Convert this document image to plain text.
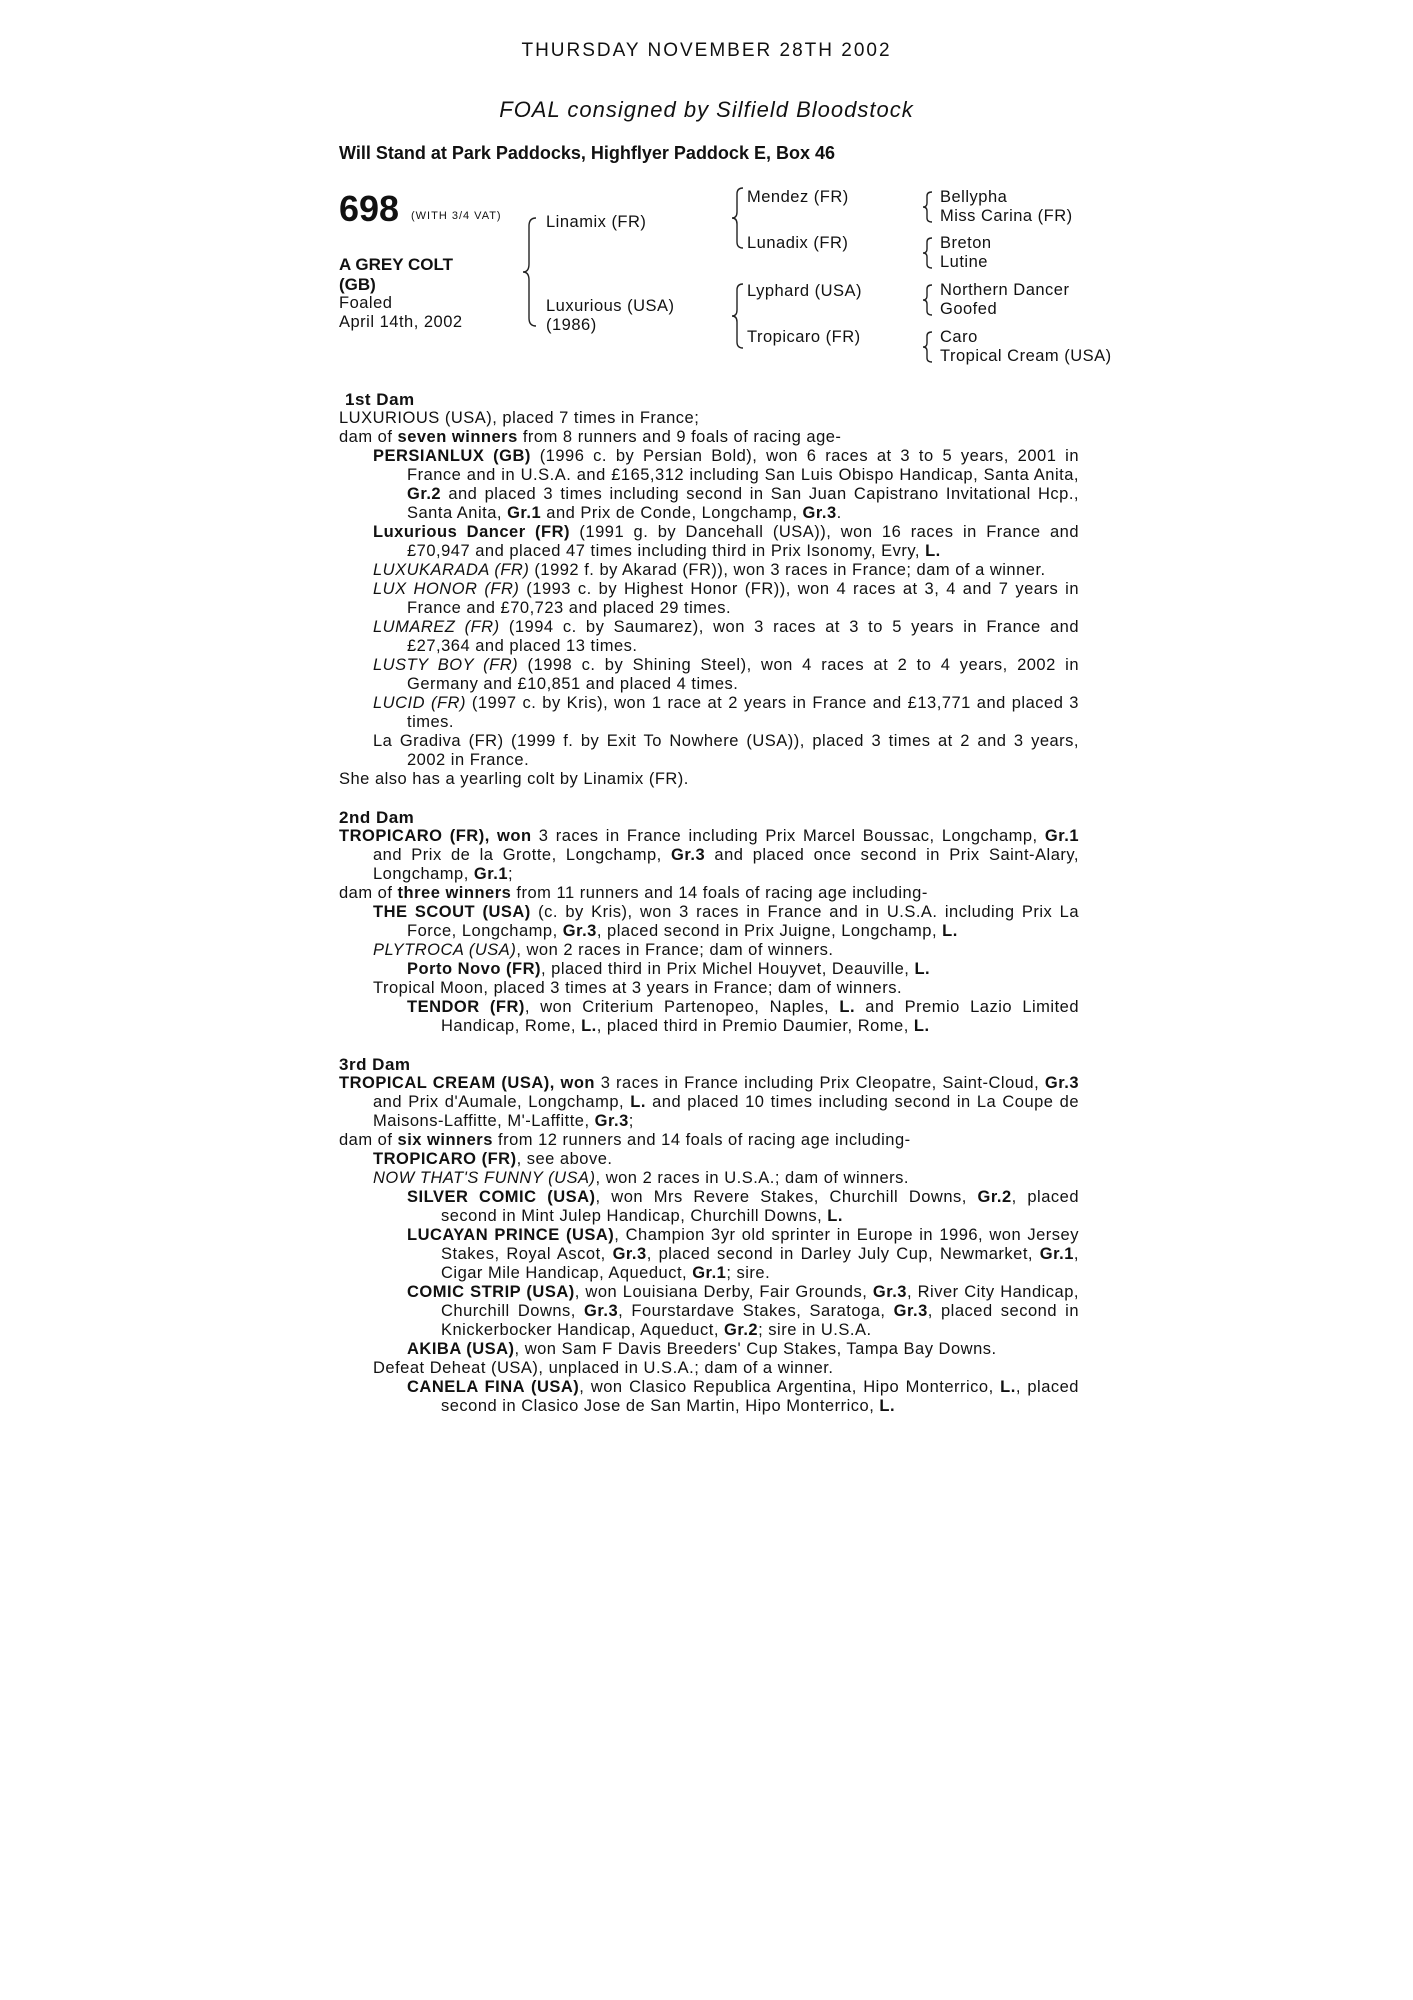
THURSDAY NOVEMBER 28TH 2002
FOAL consigned by Silfield Bloodstock
Will Stand at Park Paddocks, Highflyer Paddock E, Box 46
698 (WITH 3/4 VAT)
A GREY COLT
(GB)
Foaled
April 14th, 2002
Linamix (FR)
Luxurious (USA)
(1986)
Mendez (FR)
Lunadix (FR)
Lyphard (USA)
Tropicaro (FR)
Bellypha
Miss Carina (FR)
Breton
Lutine
Northern Dancer
Goofed
Caro
Tropical Cream (USA)

1st Dam

LUXURIOUS (USA), placed 7 times in France;

dam of seven winners from 8 runners and 9 foals of racing age-

PERSIANLUX (GB) (1996 c. by Persian Bold), won 6 races at 3 to 5 years, 2001 in France and in U.S.A. and £165,312 including San Luis Obispo Handicap, Santa Anita, Gr.2 and placed 3 times including second in San Juan Capistrano Invitational Hcp., Santa Anita, Gr.1 and Prix de Conde, Longchamp, Gr.3.

Luxurious Dancer (FR) (1991 g. by Dancehall (USA)), won 16 races in France and £70,947 and placed 47 times including third in Prix Isonomy, Evry, L.

LUXUKARADA (FR) (1992 f. by Akarad (FR)), won 3 races in France; dam of a winner.

LUX HONOR (FR) (1993 c. by Highest Honor (FR)), won 4 races at 3, 4 and 7 years in France and £70,723 and placed 29 times.

LUMAREZ (FR) (1994 c. by Saumarez), won 3 races at 3 to 5 years in France and £27,364 and placed 13 times.

LUSTY BOY (FR) (1998 c. by Shining Steel), won 4 races at 2 to 4 years, 2002 in Germany and £10,851 and placed 4 times.

LUCID (FR) (1997 c. by Kris), won 1 race at 2 years in France and £13,771 and placed 3 times.

La Gradiva (FR) (1999 f. by Exit To Nowhere (USA)), placed 3 times at 2 and 3 years, 2002 in France.

She also has a yearling colt by Linamix (FR).

2nd Dam

TROPICARO (FR), won 3 races in France including Prix Marcel Boussac, Longchamp, Gr.1 and Prix de la Grotte, Longchamp, Gr.3 and placed once second in Prix Saint-Alary, Longchamp, Gr.1;

dam of three winners from 11 runners and 14 foals of racing age including-

THE SCOUT (USA) (c. by Kris), won 3 races in France and in U.S.A. including Prix La Force, Longchamp, Gr.3, placed second in Prix Juigne, Longchamp, L.

PLYTROCA (USA), won 2 races in France; dam of winners.

Porto Novo (FR), placed third in Prix Michel Houyvet, Deauville, L.

Tropical Moon, placed 3 times at 3 years in France; dam of winners.

TENDOR (FR), won Criterium Partenopeo, Naples, L. and Premio Lazio Limited Handicap, Rome, L., placed third in Premio Daumier, Rome, L.

3rd Dam

TROPICAL CREAM (USA), won 3 races in France including Prix Cleopatre, Saint-Cloud, Gr.3 and Prix d'Aumale, Longchamp, L. and placed 10 times including second in La Coupe de Maisons-Laffitte, M'-Laffitte, Gr.3;

dam of six winners from 12 runners and 14 foals of racing age including-

TROPICARO (FR), see above.

NOW THAT'S FUNNY (USA), won 2 races in U.S.A.; dam of winners.

SILVER COMIC (USA), won Mrs Revere Stakes, Churchill Downs, Gr.2, placed second in Mint Julep Handicap, Churchill Downs, L.

LUCAYAN PRINCE (USA), Champion 3yr old sprinter in Europe in 1996, won Jersey Stakes, Royal Ascot, Gr.3, placed second in Darley July Cup, Newmarket, Gr.1, Cigar Mile Handicap, Aqueduct, Gr.1; sire.

COMIC STRIP (USA), won Louisiana Derby, Fair Grounds, Gr.3, River City Handicap, Churchill Downs, Gr.3, Fourstardave Stakes, Saratoga, Gr.3, placed second in Knickerbocker Handicap, Aqueduct, Gr.2; sire in U.S.A.

AKIBA (USA), won Sam F Davis Breeders' Cup Stakes, Tampa Bay Downs.

Defeat Deheat (USA), unplaced in U.S.A.; dam of a winner.

CANELA FINA (USA), won Clasico Republica Argentina, Hipo Monterrico, L., placed second in Clasico Jose de San Martin, Hipo Monterrico, L.
